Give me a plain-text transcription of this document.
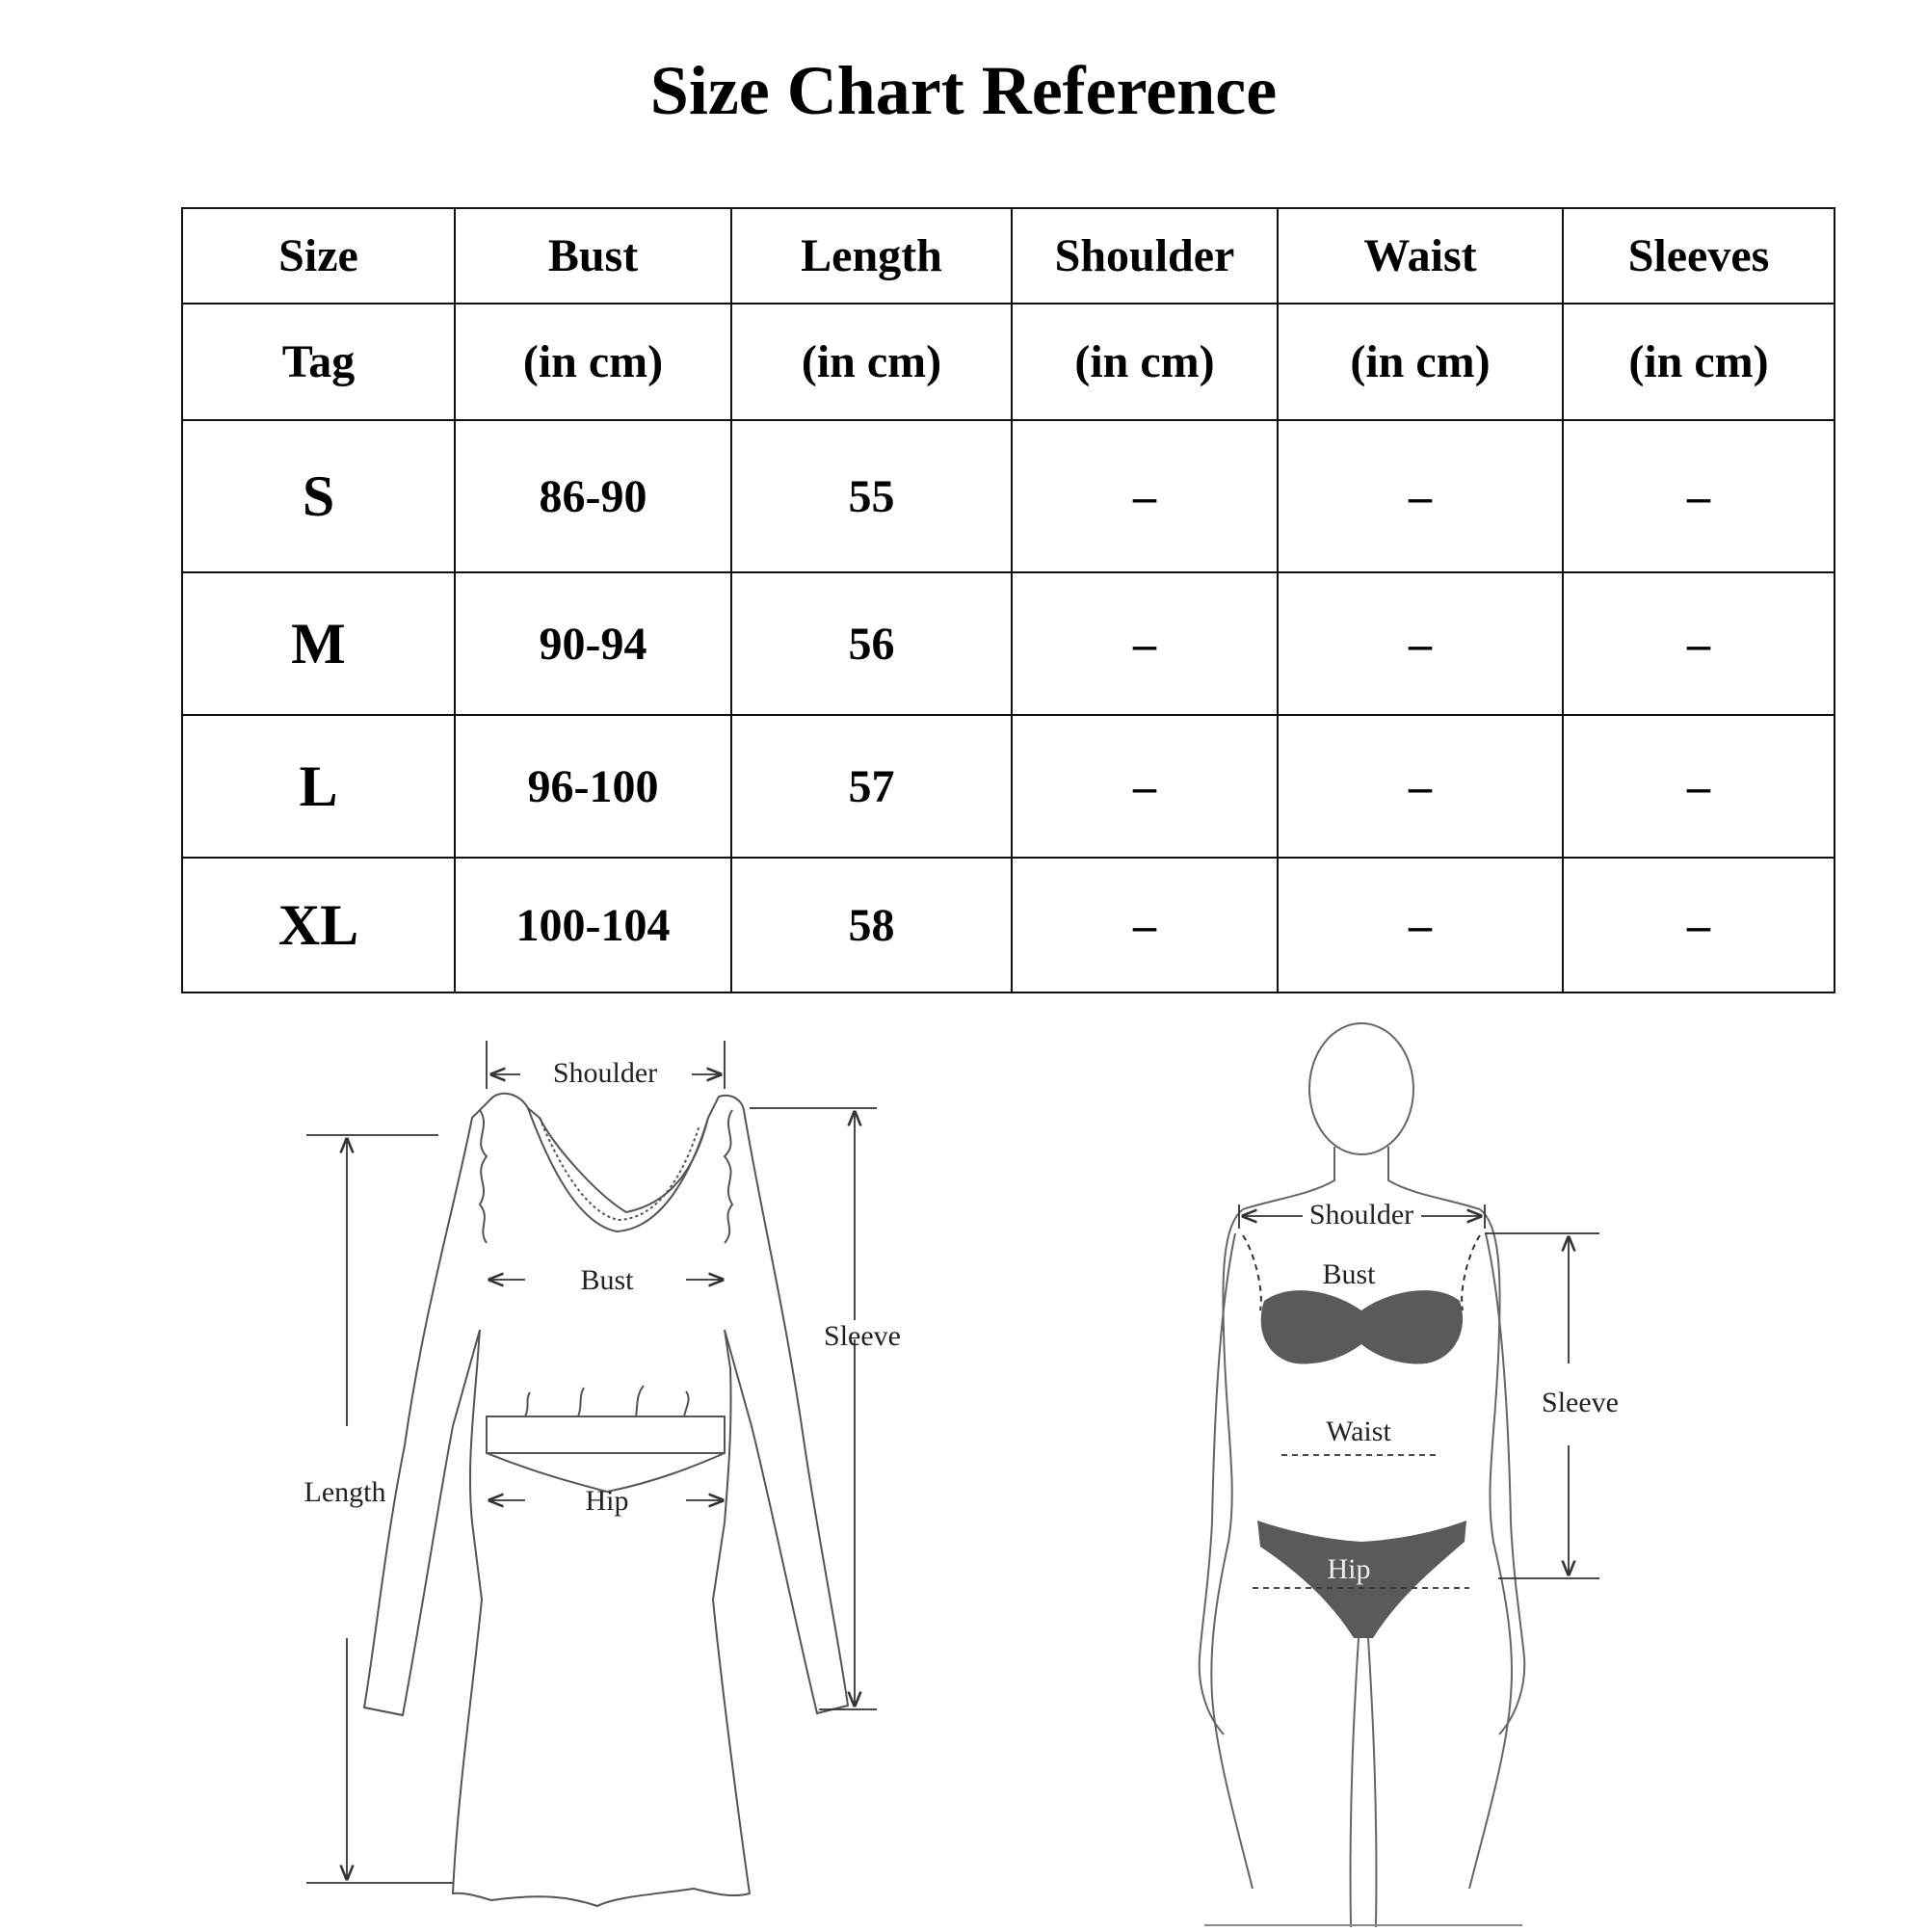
Size Chart Reference
Size	Bust	Length	Shoulder	Waist	Sleeves
Tag	(in cm)	(in cm)	(in cm)	(in cm)	(in cm)
S	86-90	55	–	–	–
M	90-94	56	–	–	–
L	96-100	57	–	–	–
XL	100-104	58	–	–	–
Shoulder
Bust
Hip
Length
Sleeve
Shoulder
Bust
Waist
Hip
Sleeve
